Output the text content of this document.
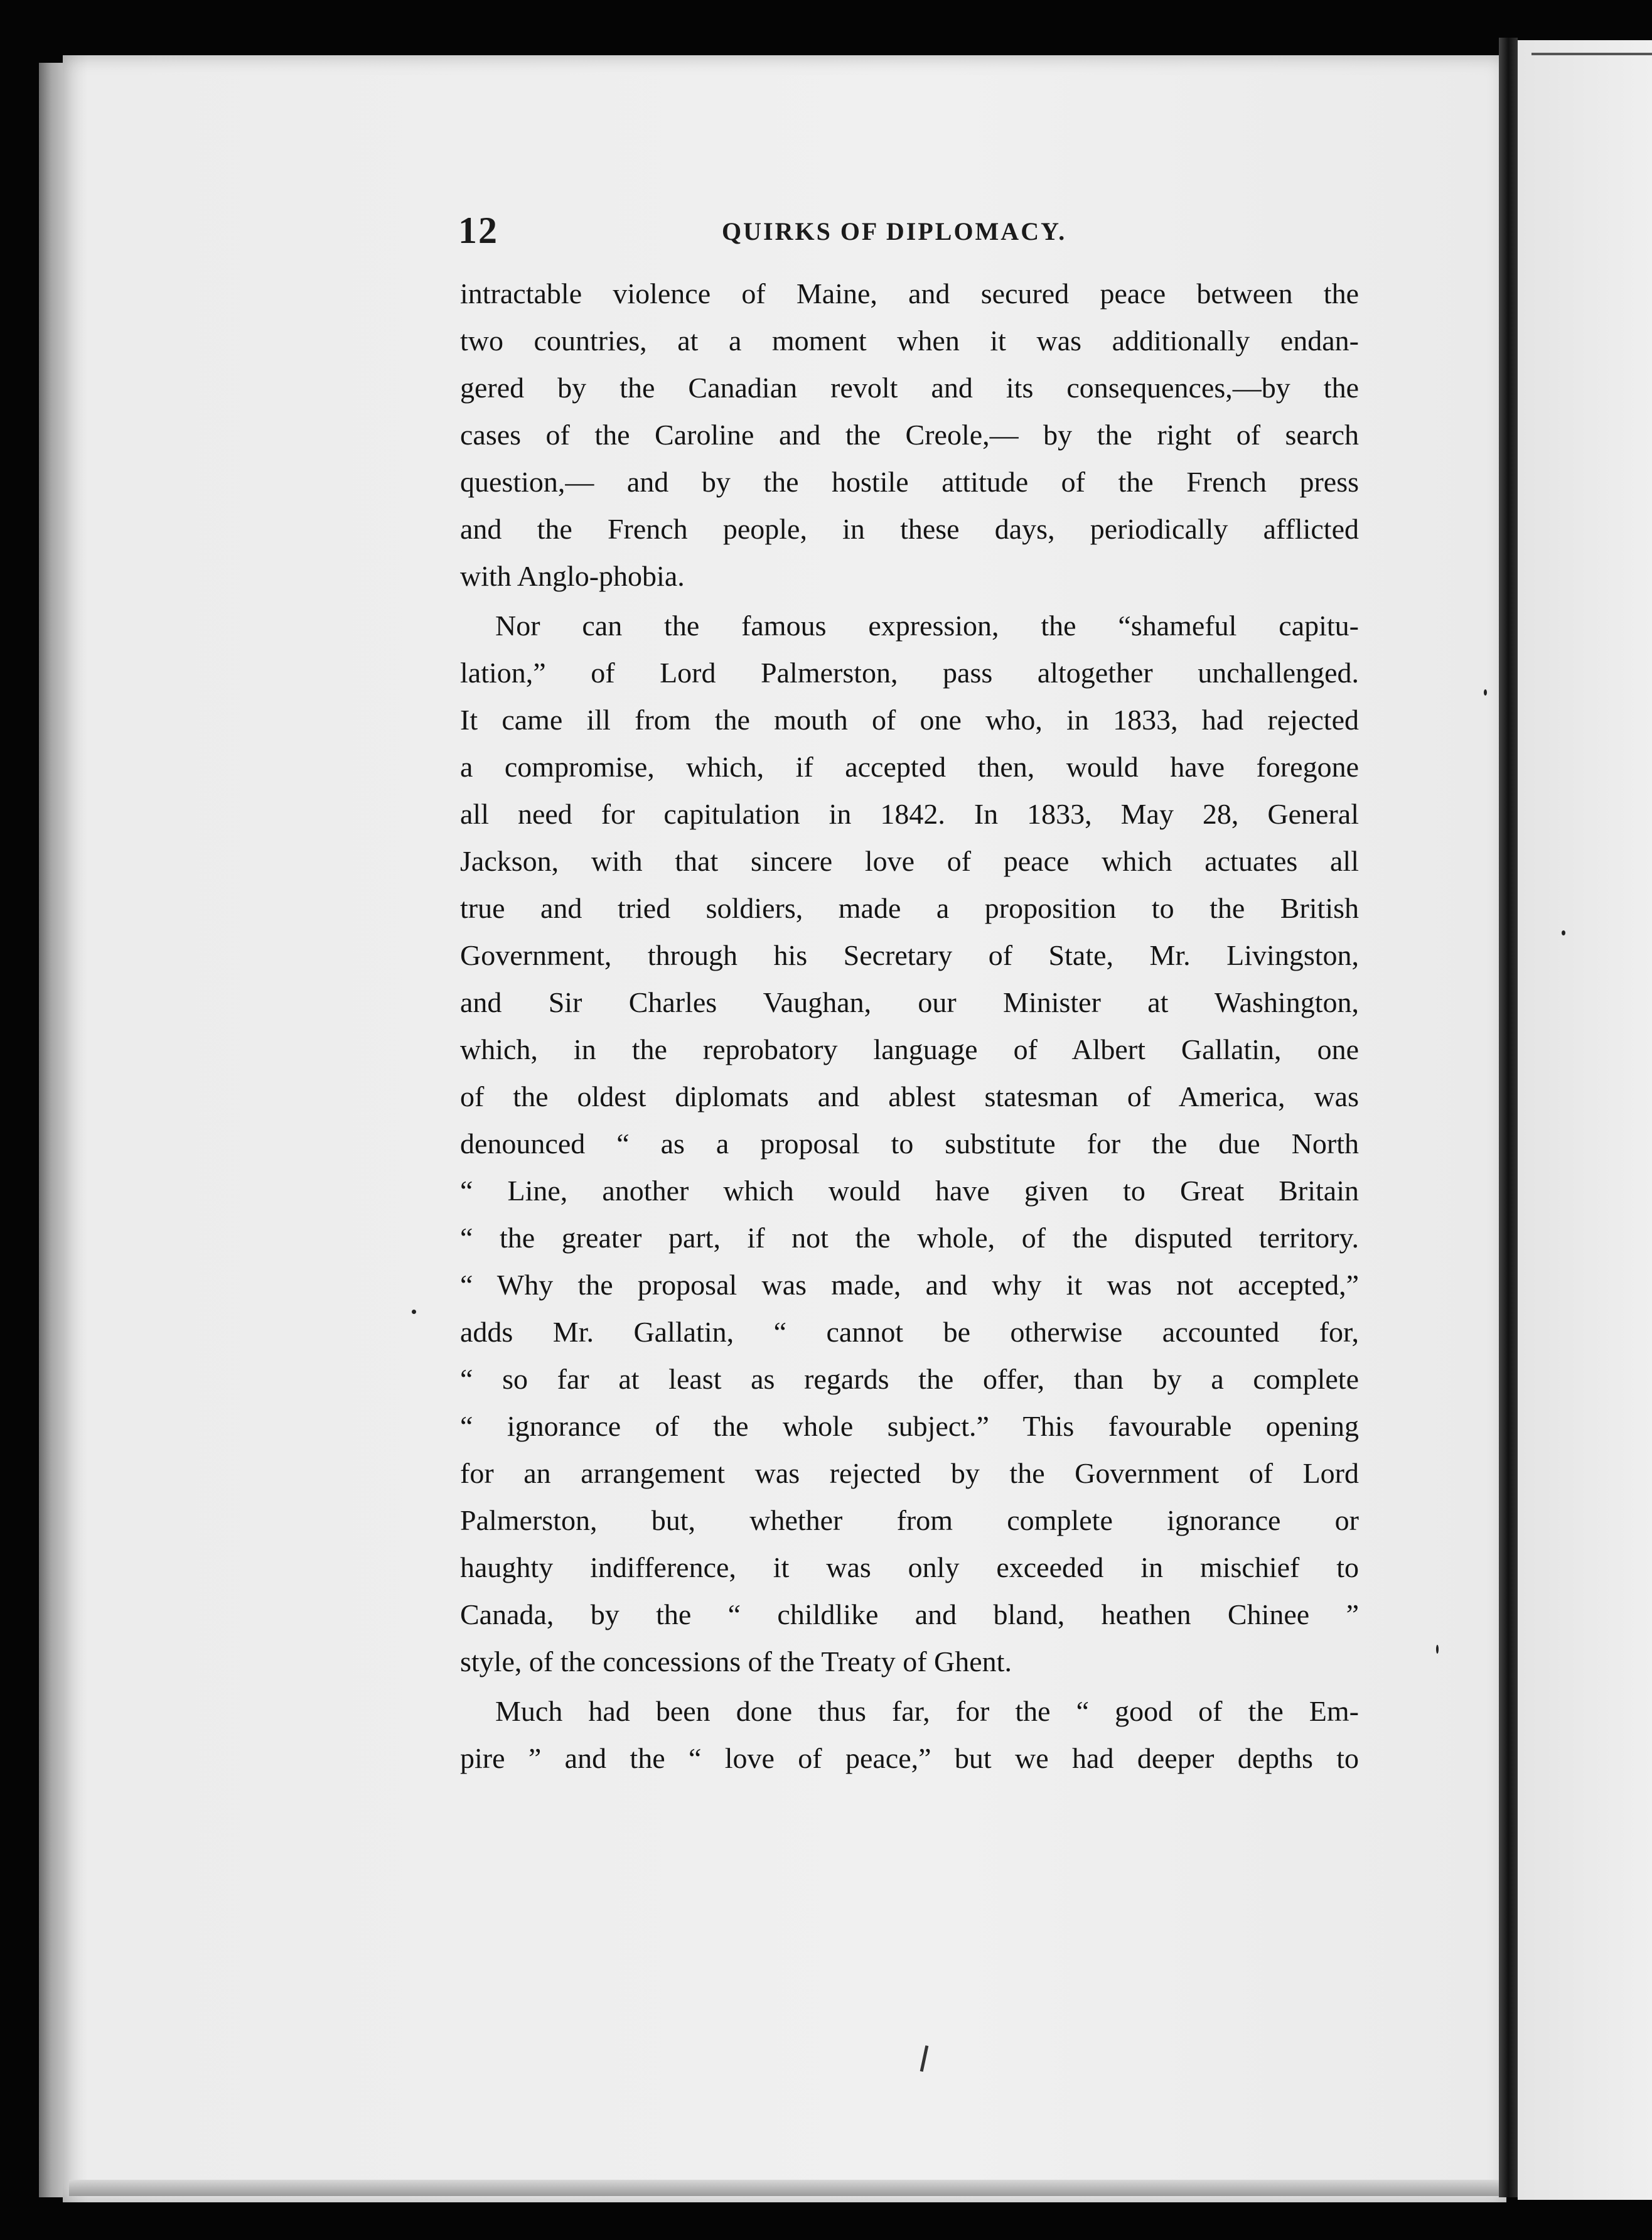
12	QUIRKS OF DIPLOMACY.
intractable violence of Maine, and secured peace between the
two countries, at a moment when it was additionally endan-
gered by the Canadian revolt and its consequences,—by the
cases of the Caroline and the Creole,— by the right of search
question,— and by the hostile attitude of the French press
and the French people, in these days, periodically afflicted
with Anglo-phobia.
Nor can the famous expression, the “shameful capitu-
lation,” of Lord Palmerston, pass altogether unchallenged.
It came ill from the mouth of one who, in 1833, had rejected
a compromise, which, if accepted then, would have foregone
all need for capitulation in 1842. In 1833, May 28, General
Jackson, with that sincere love of peace which actuates all
true and tried soldiers, made a proposition to the British
Government, through his Secretary of State, Mr. Livingston,
and Sir Charles Vaughan, our Minister at Washington,
which, in the reprobatory language of Albert Gallatin, one
of the oldest diplomats and ablest statesman of America, was
denounced “ as a proposal to substitute for the due North
“ Line, another which would have given to Great Britain
“ the greater part, if not the whole, of the disputed territory.
“ Why the proposal was made, and why it was not accepted,”
adds Mr. Gallatin, “ cannot be otherwise accounted for,
“ so far at least as regards the offer, than by a complete
“ ignorance of the whole subject.” This favourable opening
for an arrangement was rejected by the Government of Lord
Palmerston, but, whether from complete ignorance or
haughty indifference, it was only exceeded in mischief to
Canada, by the “ childlike and bland, heathen Chinee ”
style, of the concessions of the Treaty of Ghent.
Much had been done thus far, for the “ good of the Em-
pire ” and the “ love of peace,” but we had deeper depths to
